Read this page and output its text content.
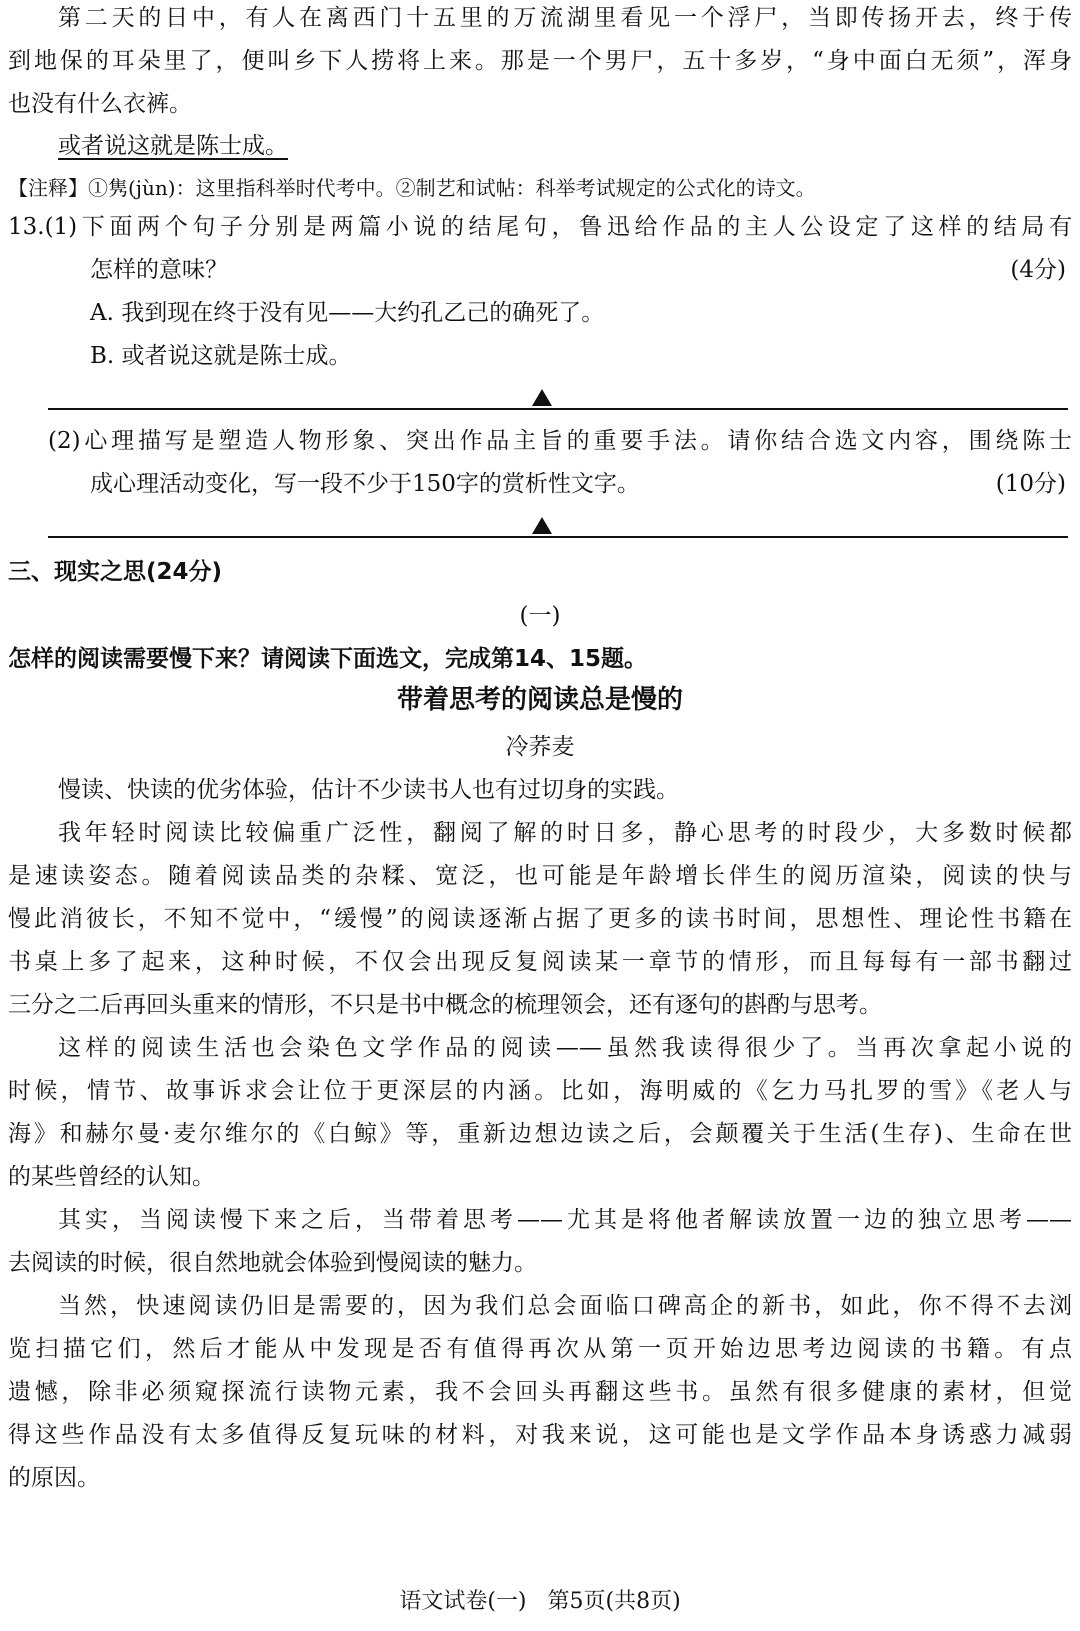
第二天的日中，有人在离西门十五里的万流湖里看见一个浮尸，当即传扬开去，终于传
到地保的耳朵里了，便叫乡下人捞将上来。那是一个男尸，五十多岁，“身中面白无须”，浑身
也没有什么衣裤。
或者说这就是陈士成。
【注释】①隽(jùn)：这里指科举时代考中。②制艺和试帖：科举考试规定的公式化的诗文。
13.(1)下面两个句子分别是两篇小说的结尾句，鲁迅给作品的主人公设定了这样的结局有
怎样的意味？	(4分)
A. 我到现在终于没有见——大约孔乙己的确死了。
B. 或者说这就是陈士成。
(2)心理描写是塑造人物形象、突出作品主旨的重要手法。请你结合选文内容，围绕陈士
成心理活动变化，写一段不少于150字的赏析性文字。	(10分)
三、现实之思(24分)
(一)
怎样的阅读需要慢下来？请阅读下面选文，完成第14、15题。
带着思考的阅读总是慢的
冷荞麦
慢读、快读的优劣体验，估计不少读书人也有过切身的实践。
我年轻时阅读比较偏重广泛性，翻阅了解的时日多，静心思考的时段少，大多数时候都
是速读姿态。随着阅读品类的杂糅、宽泛，也可能是年龄增长伴生的阅历渲染，阅读的快与
慢此消彼长，不知不觉中，“缓慢”的阅读逐渐占据了更多的读书时间，思想性、理论性书籍在
书桌上多了起来，这种时候，不仅会出现反复阅读某一章节的情形，而且每每有一部书翻过
三分之二后再回头重来的情形，不只是书中概念的梳理领会，还有逐句的斟酌与思考。
这样的阅读生活也会染色文学作品的阅读——虽然我读得很少了。当再次拿起小说的
时候，情节、故事诉求会让位于更深层的内涵。比如，海明威的《乞力马扎罗的雪》《老人与
海》和赫尔曼·麦尔维尔的《白鲸》等，重新边想边读之后，会颠覆关于生活(生存)、生命在世
的某些曾经的认知。
其实，当阅读慢下来之后，当带着思考——尤其是将他者解读放置一边的独立思考——
去阅读的时候，很自然地就会体验到慢阅读的魅力。
当然，快速阅读仍旧是需要的，因为我们总会面临口碑高企的新书，如此，你不得不去浏
览扫描它们，然后才能从中发现是否有值得再次从第一页开始边思考边阅读的书籍。有点
遗憾，除非必须窥探流行读物元素，我不会回头再翻这些书。虽然有很多健康的素材，但觉
得这些作品没有太多值得反复玩味的材料，对我来说，这可能也是文学作品本身诱惑力减弱
的原因。
语文试卷(一)   第5页(共8页)
